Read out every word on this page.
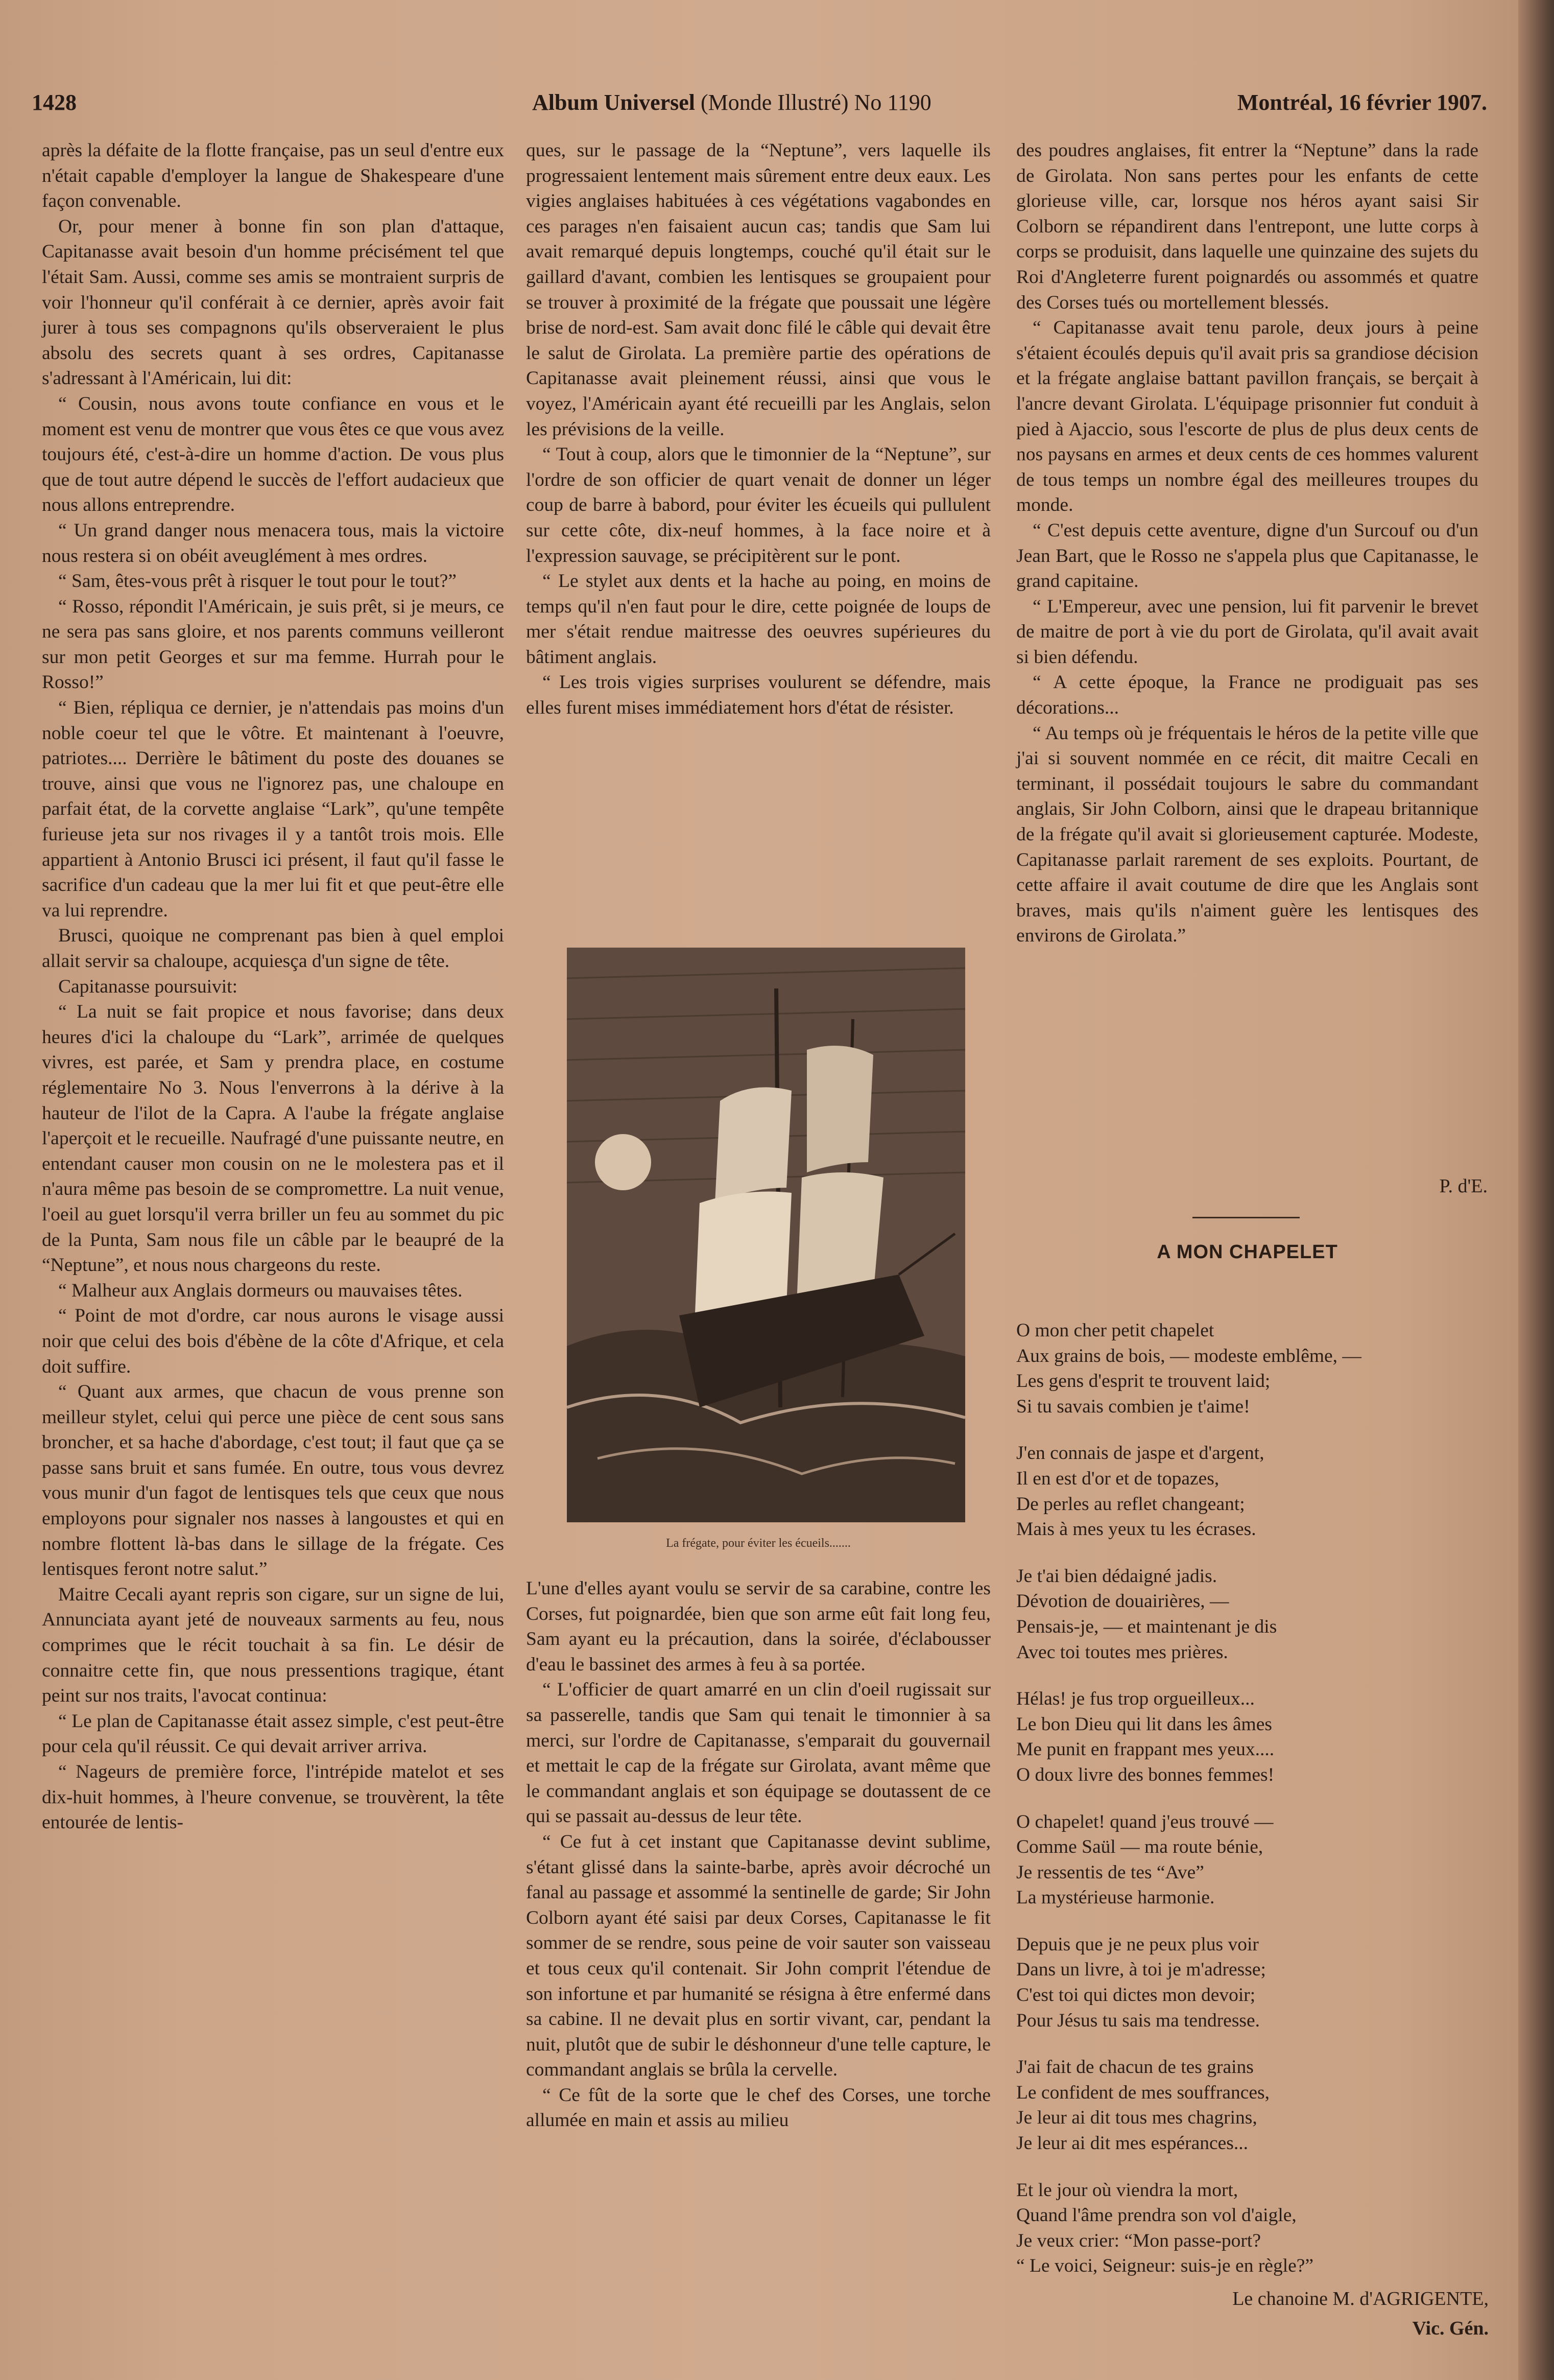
1428	Album Universel (Monde Illustré) No 1190	Montréal, 16 février 1907.

après la défaite de la flotte française, pas un seul d'entre eux n'était capable d'employer la langue de Shakespeare d'une façon convenable.

Or, pour mener à bonne fin son plan d'attaque, Capitanasse avait besoin d'un homme précisément tel que l'était Sam. Aussi, comme ses amis se montraient surpris de voir l'honneur qu'il conférait à ce dernier, après avoir fait jurer à tous ses compagnons qu'ils observeraient le plus absolu des secrets quant à ses ordres, Capitanasse s'adressant à l'Américain, lui dit:

“ Cousin, nous avons toute confiance en vous et le moment est venu de montrer que vous êtes ce que vous avez toujours été, c'est-à-dire un homme d'action. De vous plus que de tout autre dépend le succès de l'effort audacieux que nous allons entreprendre.

“ Un grand danger nous menacera tous, mais la victoire nous restera si on obéit aveuglément à mes ordres.

“ Sam, êtes-vous prêt à risquer le tout pour le tout?”

“ Rosso, répondit l'Américain, je suis prêt, si je meurs, ce ne sera pas sans gloire, et nos parents communs veilleront sur mon petit Georges et sur ma femme. Hurrah pour le Rosso!”

“ Bien, répliqua ce dernier, je n'attendais pas moins d'un noble coeur tel que le vôtre. Et maintenant à l'oeuvre, patriotes.... Derrière le bâtiment du poste des douanes se trouve, ainsi que vous ne l'ignorez pas, une chaloupe en parfait état, de la corvette anglaise “Lark”, qu'une tempête furieuse jeta sur nos rivages il y a tantôt trois mois. Elle appartient à Antonio Brusci ici présent, il faut qu'il fasse le sacrifice d'un cadeau que la mer lui fit et que peut-être elle va lui reprendre.

Brusci, quoique ne comprenant pas bien à quel emploi allait servir sa chaloupe, acquiesça d'un signe de tête.

Capitanasse poursuivit:

“ La nuit se fait propice et nous favorise; dans deux heures d'ici la chaloupe du “Lark”, arrimée de quelques vivres, est parée, et Sam y prendra place, en costume réglementaire No 3. Nous l'enverrons à la dérive à la hauteur de l'ilot de la Capra. A l'aube la frégate anglaise l'aperçoit et le recueille. Naufragé d'une puissante neutre, en entendant causer mon cousin on ne le molestera pas et il n'aura même pas besoin de se compromettre. La nuit venue, l'oeil au guet lorsqu'il verra briller un feu au sommet du pic de la Punta, Sam nous file un câble par le beaupré de la “Neptune”, et nous nous chargeons du reste.

“ Malheur aux Anglais dormeurs ou mauvaises têtes.

“ Point de mot d'ordre, car nous aurons le visage aussi noir que celui des bois d'ébène de la côte d'Afrique, et cela doit suffire.

“ Quant aux armes, que chacun de vous prenne son meilleur stylet, celui qui perce une pièce de cent sous sans broncher, et sa hache d'abordage, c'est tout; il faut que ça se passe sans bruit et sans fumée. En outre, tous vous devrez vous munir d'un fagot de lentisques tels que ceux que nous employons pour signaler nos nasses à langoustes et qui en nombre flottent là-bas dans le sillage de la frégate. Ces lentisques feront notre salut.”

Maitre Cecali ayant repris son cigare, sur un signe de lui, Annunciata ayant jeté de nouveaux sarments au feu, nous comprimes que le récit touchait à sa fin. Le désir de connaitre cette fin, que nous pressentions tragique, étant peint sur nos traits, l'avocat continua:

“ Le plan de Capitanasse était assez simple, c'est peut-être pour cela qu'il réussit. Ce qui devait arriver arriva.

“ Nageurs de première force, l'intrépide matelot et ses dix-huit hommes, à l'heure convenue, se trouvèrent, la tête entourée de lentis-

ques, sur le passage de la “Neptune”, vers laquelle ils progressaient lentement mais sûrement entre deux eaux. Les vigies anglaises habituées à ces végétations vagabondes en ces parages n'en faisaient aucun cas; tandis que Sam lui avait remarqué depuis longtemps, couché qu'il était sur le gaillard d'avant, combien les lentisques se groupaient pour se trouver à proximité de la frégate que poussait une légère brise de nord-est. Sam avait donc filé le câble qui devait être le salut de Girolata. La première partie des opérations de Capitanasse avait pleinement réussi, ainsi que vous le voyez, l'Américain ayant été recueilli par les Anglais, selon les prévisions de la veille.

“ Tout à coup, alors que le timonnier de la “Neptune”, sur l'ordre de son officier de quart venait de donner un léger coup de barre à babord, pour éviter les écueils qui pullulent sur cette côte, dix-neuf hommes, à la face noire et à l'expression sauvage, se précipitèrent sur le pont.

“ Le stylet aux dents et la hache au poing, en moins de temps qu'il n'en faut pour le dire, cette poignée de loups de mer s'était rendue maitresse des oeuvres supérieures du bâtiment anglais.

“ Les trois vigies surprises voulurent se défendre, mais elles furent mises immédiatement hors d'état de résister.

La frégate, pour éviter les écueils.......

L'une d'elles ayant voulu se servir de sa carabine, contre les Corses, fut poignardée, bien que son arme eût fait long feu, Sam ayant eu la précaution, dans la soirée, d'éclabousser d'eau le bassinet des armes à feu à sa portée.

“ L'officier de quart amarré en un clin d'oeil rugissait sur sa passerelle, tandis que Sam qui tenait le timonnier à sa merci, sur l'ordre de Capitanasse, s'emparait du gouvernail et mettait le cap de la frégate sur Girolata, avant même que le commandant anglais et son équipage se doutassent de ce qui se passait au-dessus de leur tête.

“ Ce fut à cet instant que Capitanasse devint sublime, s'étant glissé dans la sainte-barbe, après avoir décroché un fanal au passage et assommé la sentinelle de garde; Sir John Colborn ayant été saisi par deux Corses, Capitanasse le fit sommer de se rendre, sous peine de voir sauter son vaisseau et tous ceux qu'il contenait. Sir John comprit l'étendue de son infortune et par humanité se résigna à être enfermé dans sa cabine. Il ne devait plus en sortir vivant, car, pendant la nuit, plutôt que de subir le déshonneur d'une telle capture, le commandant anglais se brûla la cervelle.

“ Ce fût de la sorte que le chef des Corses, une torche allumée en main et assis au milieu

des poudres anglaises, fit entrer la “Neptune” dans la rade de Girolata. Non sans pertes pour les enfants de cette glorieuse ville, car, lorsque nos héros ayant saisi Sir Colborn se répandirent dans l'entrepont, une lutte corps à corps se produisit, dans laquelle une quinzaine des sujets du Roi d'Angleterre furent poignardés ou assommés et quatre des Corses tués ou mortellement blessés.

“ Capitanasse avait tenu parole, deux jours à peine s'étaient écoulés depuis qu'il avait pris sa grandiose décision et la frégate anglaise battant pavillon français, se berçait à l'ancre devant Girolata. L'équipage prisonnier fut conduit à pied à Ajaccio, sous l'escorte de plus de plus deux cents de nos paysans en armes et deux cents de ces hommes valurent de tous temps un nombre égal des meilleures troupes du monde.

“ C'est depuis cette aventure, digne d'un Surcouf ou d'un Jean Bart, que le Rosso ne s'appela plus que Capitanasse, le grand capitaine.

“ L'Empereur, avec une pension, lui fit parvenir le brevet de maitre de port à vie du port de Girolata, qu'il avait avait si bien défendu.

“ A cette époque, la France ne prodiguait pas ses décorations...

“ Au temps où je fréquentais le héros de la petite ville que j'ai si souvent nommée en ce récit, dit maitre Cecali en terminant, il possédait toujours le sabre du commandant anglais, Sir John Colborn, ainsi que le drapeau britannique de la frégate qu'il avait si glorieusement capturée. Modeste, Capitanasse parlait rarement de ses exploits. Pourtant, de cette affaire il avait coutume de dire que les Anglais sont braves, mais qu'ils n'aiment guère les lentisques des environs de Girolata.”

P. d'E.
A MON CHAPELET
O mon cher petit chapelet
Aux grains de bois, — modeste emblême, —
Les gens d'esprit te trouvent laid;
Si tu savais combien je t'aime!
J'en connais de jaspe et d'argent,
Il en est d'or et de topazes,
De perles au reflet changeant;
Mais à mes yeux tu les écrases.
Je t'ai bien dédaigné jadis.
Dévotion de douairières, —
Pensais-je, — et maintenant je dis
Avec toi toutes mes prières.
Hélas! je fus trop orgueilleux...
Le bon Dieu qui lit dans les âmes
Me punit en frappant mes yeux....
O doux livre des bonnes femmes!
O chapelet! quand j'eus trouvé —
Comme Saül — ma route bénie,
Je ressentis de tes “Ave”
La mystérieuse harmonie.
Depuis que je ne peux plus voir
Dans un livre, à toi je m'adresse;
C'est toi qui dictes mon devoir;
Pour Jésus tu sais ma tendresse.
J'ai fait de chacun de tes grains
Le confident de mes souffrances,
Je leur ai dit tous mes chagrins,
Je leur ai dit mes espérances...
Et le jour où viendra la mort,
Quand l'âme prendra son vol d'aigle,
Je veux crier: “Mon passe-port?
“ Le voici, Seigneur: suis-je en règle?”
Le chanoine M. d'AGRIGENTE,
Vic. Gén.
